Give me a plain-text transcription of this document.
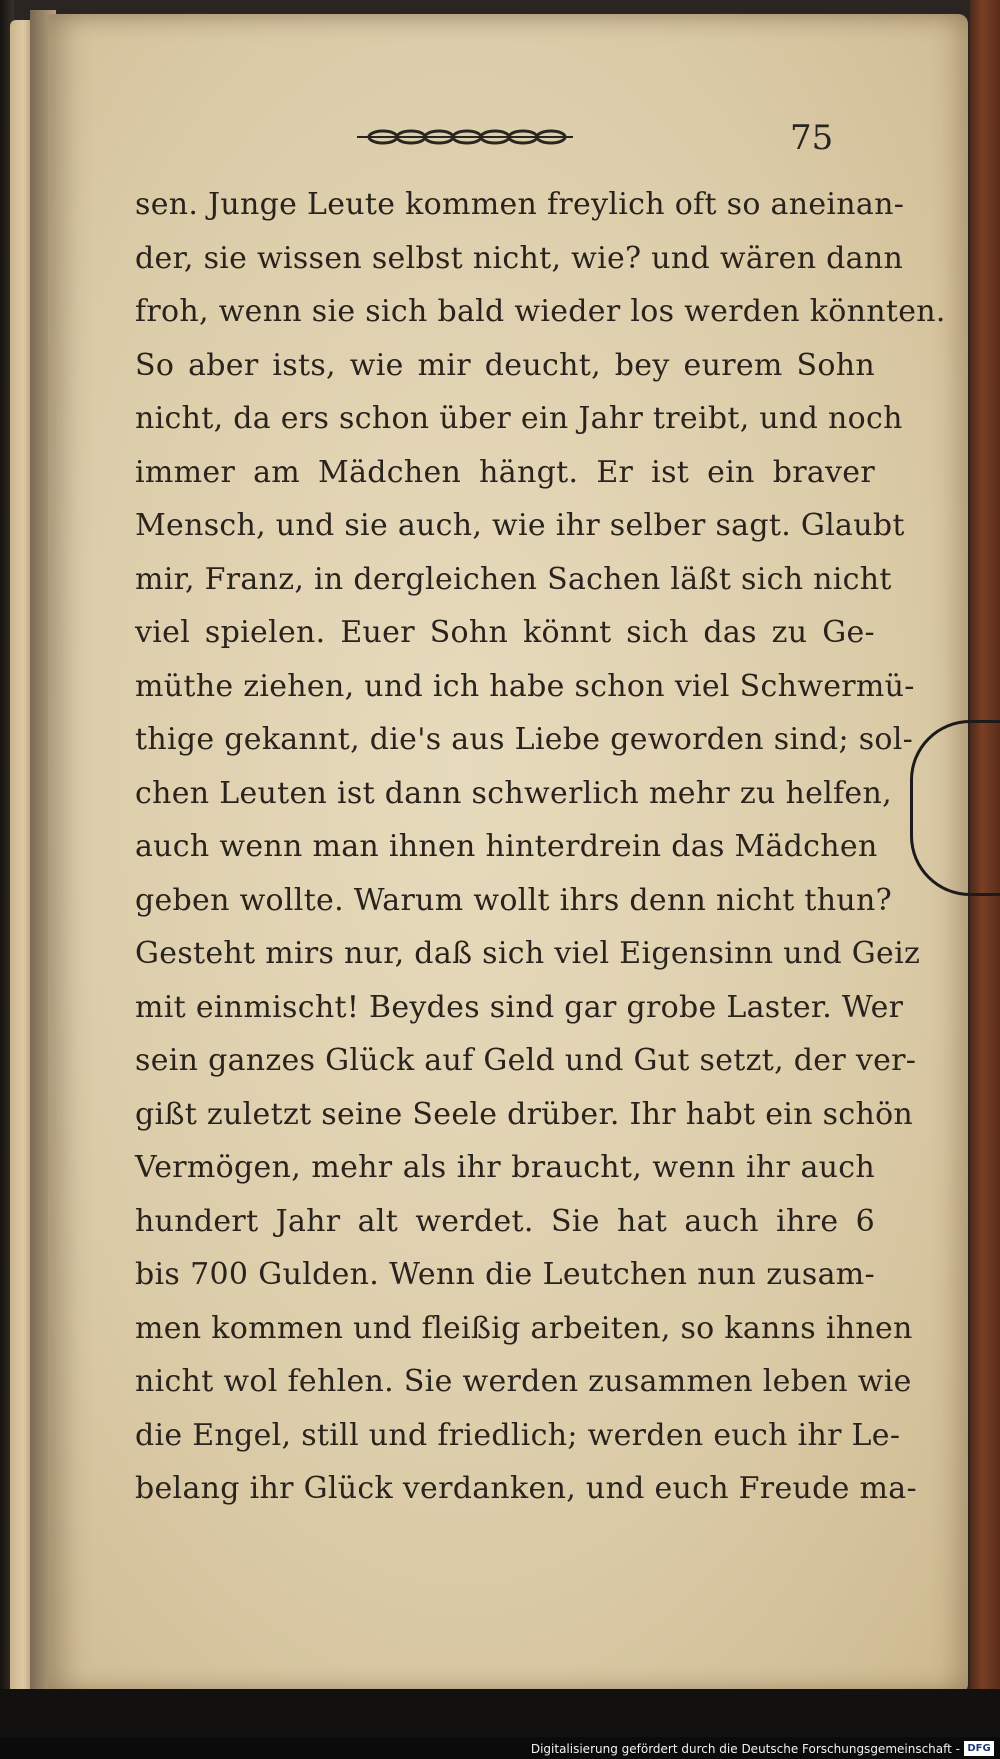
75
sen. Junge Leute kommen freylich oft so aneinan-
der, sie wissen selbst nicht, wie? und wären dann
froh, wenn sie sich bald wieder los werden könnten.
So aber ists, wie mir deucht, bey eurem Sohn
nicht, da ers schon über ein Jahr treibt, und noch
immer am Mädchen hängt. Er ist ein braver
Mensch, und sie auch, wie ihr selber sagt. Glaubt
mir, Franz, in dergleichen Sachen läßt sich nicht
viel spielen. Euer Sohn könnt sich das zu Ge-
müthe ziehen, und ich habe schon viel Schwermü-
thige gekannt, die's aus Liebe geworden sind; sol-
chen Leuten ist dann schwerlich mehr zu helfen,
auch wenn man ihnen hinterdrein das Mädchen
geben wollte. Warum wollt ihrs denn nicht thun?
Gesteht mirs nur, daß sich viel Eigensinn und Geiz
mit einmischt! Beydes sind gar grobe Laster. Wer
sein ganzes Glück auf Geld und Gut setzt, der ver-
gißt zuletzt seine Seele drüber. Ihr habt ein schön
Vermögen, mehr als ihr braucht, wenn ihr auch
hundert Jahr alt werdet. Sie hat auch ihre 6
bis 700 Gulden. Wenn die Leutchen nun zusam-
men kommen und fleißig arbeiten, so kanns ihnen
nicht wol fehlen. Sie werden zusammen leben wie
die Engel, still und friedlich; werden euch ihr Le-
belang ihr Glück verdanken, und euch Freude ma-
Digitalisierung gefördert durch die Deutsche Forschungsgemeinschaft - DFG
